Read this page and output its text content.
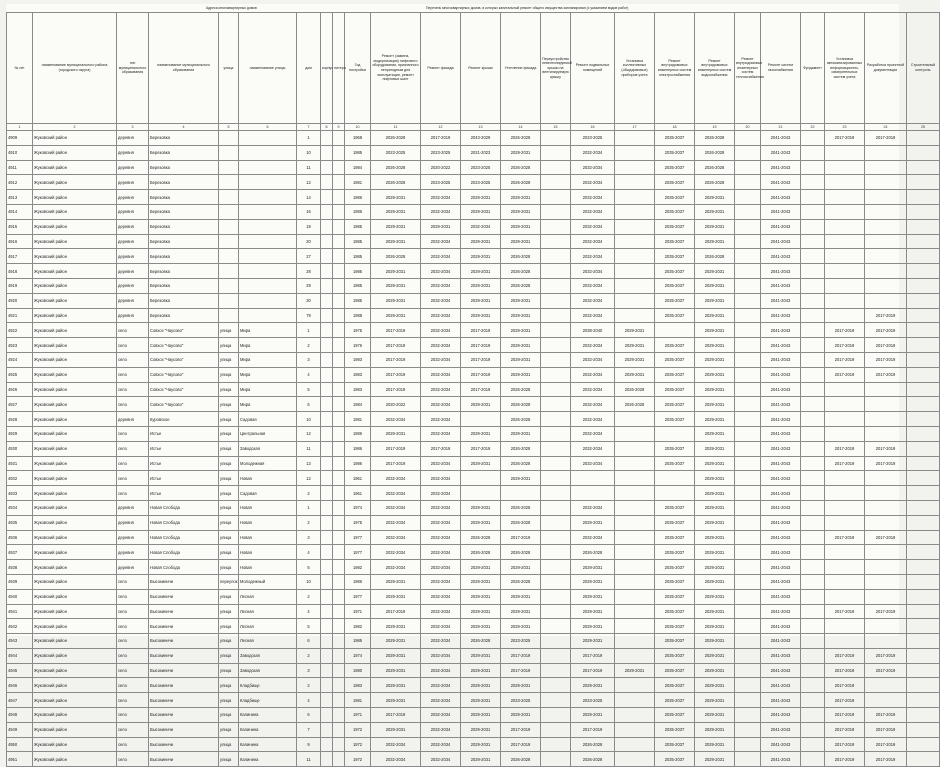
Адреса многоквартирных домов	Перечень многоквартирных домов, в которых капитальный ремонт общего имущества запланирован (с указанием видов работ)
№ п/п	наименование муниципального района (городского округа)	тип муниципального образования	наименование муниципального образования	улица	наименование улицы	дом	корпус	литера	Год постройки	Ремонт (замена, модернизация) лифтового оборудования, признанного непригодным для эксплуатации, ремонт лифтовых шахт	Ремонт фасада	Ремонт крыши	Утепление фасада	Переустройство невентилируемой крыши на вентилируемую крышу	Ремонт подвальных помещений	Установка коллективных (общедомовых) приборов учета	Ремонт внутридомовых инженерных систем электроснабжения	Ремонт внутридомовых инженерных систем водоснабжения	Ремонт внутридомовых инженерных систем теплоснабжения	Ремонт систем газоснабжения	Фундамент	Установка автоматизированных информационно-измерительных систем учета	Разработка проектной документации	Строительный контроль
1	2	3	4	5	6	7	8	9	10	11	12	13	14	15	16	17	18	19	20	21	22	23	24	25
4909	Жуковский район	деревня	Березовка			1			1968	2026-2028	2017-2019	2043-2029	2026-2028		2023-2025		2035-2037	2026-2028		2041-2043		2017-2019	2017-2019	
4910	Жуковский район	деревня	Березовка			10			1985	2023-2025	2023-2025	2021-2023	2029-2031		2032-2034		2035-2037	2026-2028		2041-2043				
4911	Жуковский район	деревня	Березовка			11			1984	2026-2028	2020-2022	2023-2025	2026-2028		2032-2034		2035-2037	2026-2028		2041-2043				
4912	Жуковский район	деревня	Березовка			12			1981	2026-2028	2023-2025	2023-2025	2026-2028		2032-2034		2035-2037	2026-2028		2041-2043				
4913	Жуковский район	деревня	Березовка			14			1986	2029-2031	2032-2034	2029-2031	2029-2031		2032-2034		2035-2037	2029-2031		2041-2043				
4914	Жуковский район	деревня	Березовка			16			1986	2029-2031	2032-2034	2029-2031	2029-2031		2032-2034		2035-2037	2029-2031		2041-2043				
4915	Жуковский район	деревня	Березовка			19			1985	2029-2031	2029-2031	2032-2034	2029-2031		2032-2034		2035-2037	2029-2031		2041-2043				
4916	Жуковский район	деревня	Березовка			20			1985	2029-2031	2032-2034	2029-2031	2029-2031		2032-2034		2035-2037	2029-2031		2041-2043				
4917	Жуковский район	деревня	Березовка			27			1985	2026-2028	2032-2034	2029-2031	2026-2028		2032-2034		2035-2037	2026-2028		2041-2043				
4918	Жуковский район	деревня	Березовка			28			1985	2029-2031	2032-2034	2029-2031	2026-2028		2032-2034		2035-2037	2029-2031		2041-2043				
4919	Жуковский район	деревня	Березовка			29			1985	2029-2031	2032-2034	2029-2031	2026-2028		2032-2034		2035-2037	2029-2031		2041-2043				
4920	Жуковский район	деревня	Березовка			30			1985	2029-2031	2032-2034	2029-2031	2029-2031		2032-2034		2035-2037	2029-2031		2041-2043				
4921	Жуковский район	деревня	Березовка			79			1988	2029-2031	2032-2034	2029-2031	2029-2031		2032-2034		2035-2037	2029-2031		2041-2043			2017-2019	
4922	Жуковский район	село	Совхоз "Чаусово"	улица	Мира	1			1975	2017-2019	2032-2034	2017-2019	2029-2031		2038-2040	2029-2031		2029-2031		2041-2043		2017-2019	2017-2019	
4923	Жуковский район	село	Совхоз "Чаусово"	улица	Мира	2			1976	2017-2019	2032-2034	2017-2019	2029-2031		2032-2034	2029-2031	2035-2037	2029-2031		2041-2043		2017-2019	2017-2019	
4924	Жуковский район	село	Совхоз "Чаусово"	улица	Мира	3			1983	2017-2019	2032-2034	2017-2019	2029-2031		2032-2034	2029-2031	2035-2037	2029-2031		2041-2043		2017-2019	2017-2019	
4925	Жуковский район	село	Совхоз "Чаусово"	улица	Мира	4			1983	2017-2019	2032-2034	2017-2019	2029-2031		2032-2034	2029-2031	2035-2037	2029-2031		2041-2043		2017-2019	2017-2019	
4926	Жуковский район	село	Совхоз "Чаусово"	улица	Мира	5			1983	2017-2019	2032-2034	2017-2019	2026-2028		2032-2034	2026-2028	2035-2037	2029-2031		2041-2043				
4927	Жуковский район	село	Совхоз "Чаусово"	улица	Мира	6			1984	2020-2022	2032-2034	2029-2031	2026-2028		2032-2034	2026-2028	2035-2037	2029-2031		2041-2043				
4928	Жуковский район	деревня	Куровское	улица	Садовая	10			1981	2032-2034	2032-2034		2026-2028		2032-2034		2035-2037	2029-2031		2041-2043				
4929	Жуковский район	село	Истье	улица	Центральная	12			1986	2029-2031	2032-2034	2029-2031	2029-2031		2032-2034			2029-2031		2041-2043				
4930	Жуковский район	село	Истье	улица	Заводская	11			1986	2017-2019	2017-2019	2017-2019	2026-2028		2032-2034		2035-2037	2029-2031		2041-2043		2017-2019	2017-2019	
4931	Жуковский район	село	Истье	улица	Молодежная	13			1986	2017-2019	2032-2034	2029-2031	2026-2028		2032-2034		2035-2037	2029-2031		2041-2043		2017-2019	2017-2019	
4932	Жуковский район	село	Истье	улица	Новая	12			1961	2032-2034	2032-2034		2029-2031					2029-2031		2041-2043				
4933	Жуковский район	село	Истье	улица	Садовая	2			1961	2032-2034	2032-2034							2029-2031		2041-2043				
4934	Жуковский район	деревня	Новая Слобода	улица	Новая	1			1974	2032-2034	2032-2034	2029-2031	2026-2028		2032-2034		2035-2037	2029-2031		2041-2043				
4935	Жуковский район	деревня	Новая Слобода	улица	Новая	2			1975	2032-2034	2032-2034	2029-2031	2026-2028		2029-2031		2035-2037	2029-2031		2041-2043				
4936	Жуковский район	деревня	Новая Слобода	улица	Новая	3			1977	2032-2034	2032-2034	2026-2028	2017-2019		2032-2034		2035-2037	2029-2031		2041-2043		2017-2019	2017-2019	
4937	Жуковский район	деревня	Новая Слобода	улица	Новая	4			1977	2032-2034	2032-2034	2026-2028	2026-2028		2026-2028		2035-2037	2029-2031		2041-2043				
4938	Жуковский район	деревня	Новая Слобода	улица	Новая	5			1982	2032-2034	2032-2034	2029-2031	2029-2031		2029-2031		2035-2037	2029-2031		2041-2043				
4939	Жуковский район	село	Высокиничи	переулок	Молодежный	10			1986	2029-2031	2032-2034	2029-2031	2026-2028		2029-2031		2035-2037	2029-2031		2041-2043				
4940	Жуковский район	село	Высокиничи	улица	Лесная	2			1977	2029-2031	2032-2034	2029-2031	2029-2031		2029-2031		2035-2037	2029-2031		2041-2043				
4941	Жуковский район	село	Высокиничи	улица	Лесная	4			1971	2017-2019	2032-2034	2029-2031	2029-2031		2029-2031		2035-2037	2029-2031		2041-2043		2017-2019	2017-2019	
4942	Жуковский район	село	Высокиничи	улица	Лесная	5			1982	2029-2031	2032-2034	2029-2031	2029-2031		2029-2031		2035-2037	2029-2031		2041-2043				
4943	Жуковский район	село	Высокиничи	улица	Лесная	6			1985	2029-2031	2032-2034	2026-2028	2023-2025		2029-2031		2035-2037	2029-2031		2041-2043				
4944	Жуковский район	село	Высокиничи	улица	Заводская	2			1974	2029-2031	2032-2034	2029-2031	2017-2019		2017-2019		2035-2037	2029-2031		2041-2043		2017-2019	2017-2019	
4945	Жуковский район	село	Высокиничи	улица	Заводская	3			1980	2029-2031	2032-2034	2029-2031	2017-2019		2017-2019	2029-2031	2035-2037	2029-2031		2041-2043		2017-2019	2017-2019	
4946	Жуковский район	село	Высокиничи	улица	Кладбище	2			1983	2029-2031	2032-2034	2029-2031	2029-2031		2029-2031		2035-2037	2029-2031		2041-2043		2017-2019		
4947	Жуковский район	село	Высокиничи	улица	Кладбище	4			1981	2029-2031	2032-2034	2029-2031	2023-2025		2023-2025		2035-2037	2029-2031		2041-2043		2017-2019		
4948	Жуковский район	село	Высокиничи	улица	Калинина	6			1971	2017-2019	2032-2034	2029-2031	2029-2031		2029-2031		2035-2037	2029-2031		2041-2043		2017-2019	2017-2019	
4949	Жуковский район	село	Высокиничи	улица	Калинина	7			1972	2029-2031	2032-2034	2029-2031	2017-2019		2017-2019		2035-2037	2029-2031		2041-2043		2017-2019	2017-2019	
4950	Жуковский район	село	Высокиничи	улица	Калинина	9			1972	2032-2034	2032-2034	2029-2031	2017-2019		2026-2028		2035-2037	2029-2031		2041-2043		2017-2019	2017-2019	
4951	Жуковский район	село	Высокиничи	улица	Калинина	11			1972	2032-2034	2032-2034	2029-2031	2026-2028		2026-2028		2035-2037	2029-2031		2041-2043		2017-2019	2017-2019	
